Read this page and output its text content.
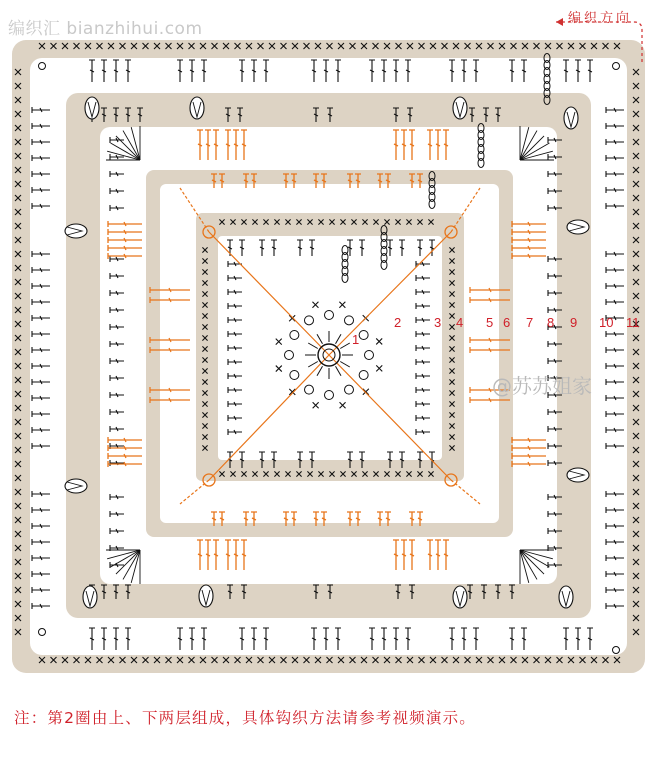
1
2	3 4 5 6 7 8 9 10 11
编织汇 bianzhihui.com
编织方向
@苏苏姐家
注：第2圈由上、下两层组成，具体钩织方法请参考视频演示。
